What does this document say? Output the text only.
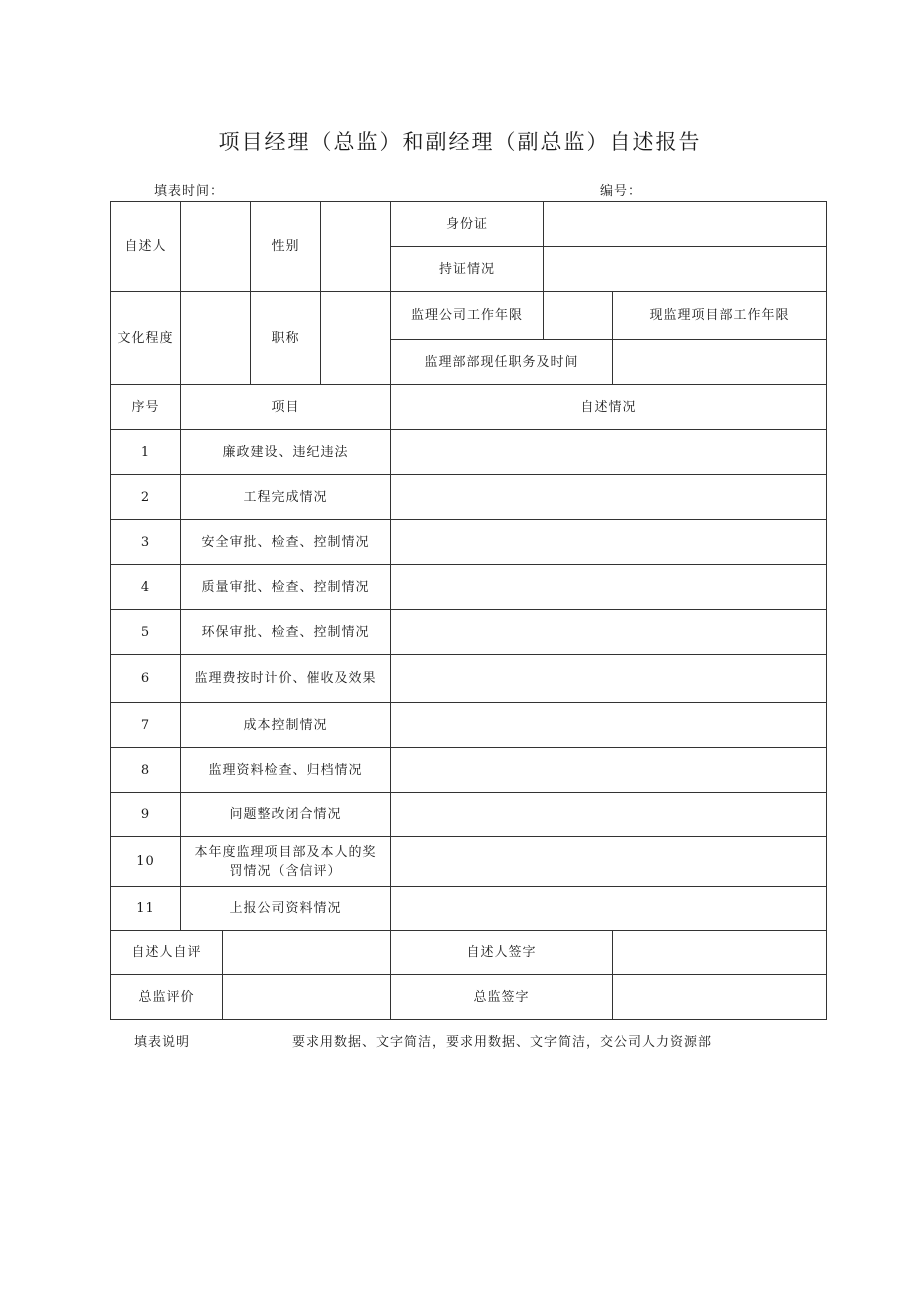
项目经理（总监）和副经理（副总监）自述报告
填表时间：	编号：
自述人			性别		身份证		
					持证情况		
文化程度			职称		监理公司工作年限		现监理项目部工作年限
					监理部部现任职务及时间		
序号	项目				自述情况		
1	廉政建设、违纪违法						
2	工程完成情况						
3	安全审批、检查、控制情况						
4	质量审批、检查、控制情况						
5	环保审批、检查、控制情况						
6	监理费按时计价、催收及效果						
7	成本控制情况						
8	监理资料检查、归档情况						
9	问题整改闭合情况						
10	本年度监理项目部及本人的奖
罚情况（含信评）						
11	上报公司资料情况						
自述人自评					自述人签字		
总监评价					总监签字		
填表说明	要求用数据、文字简洁，要求用数据、文字简洁，交公司人力资源部
